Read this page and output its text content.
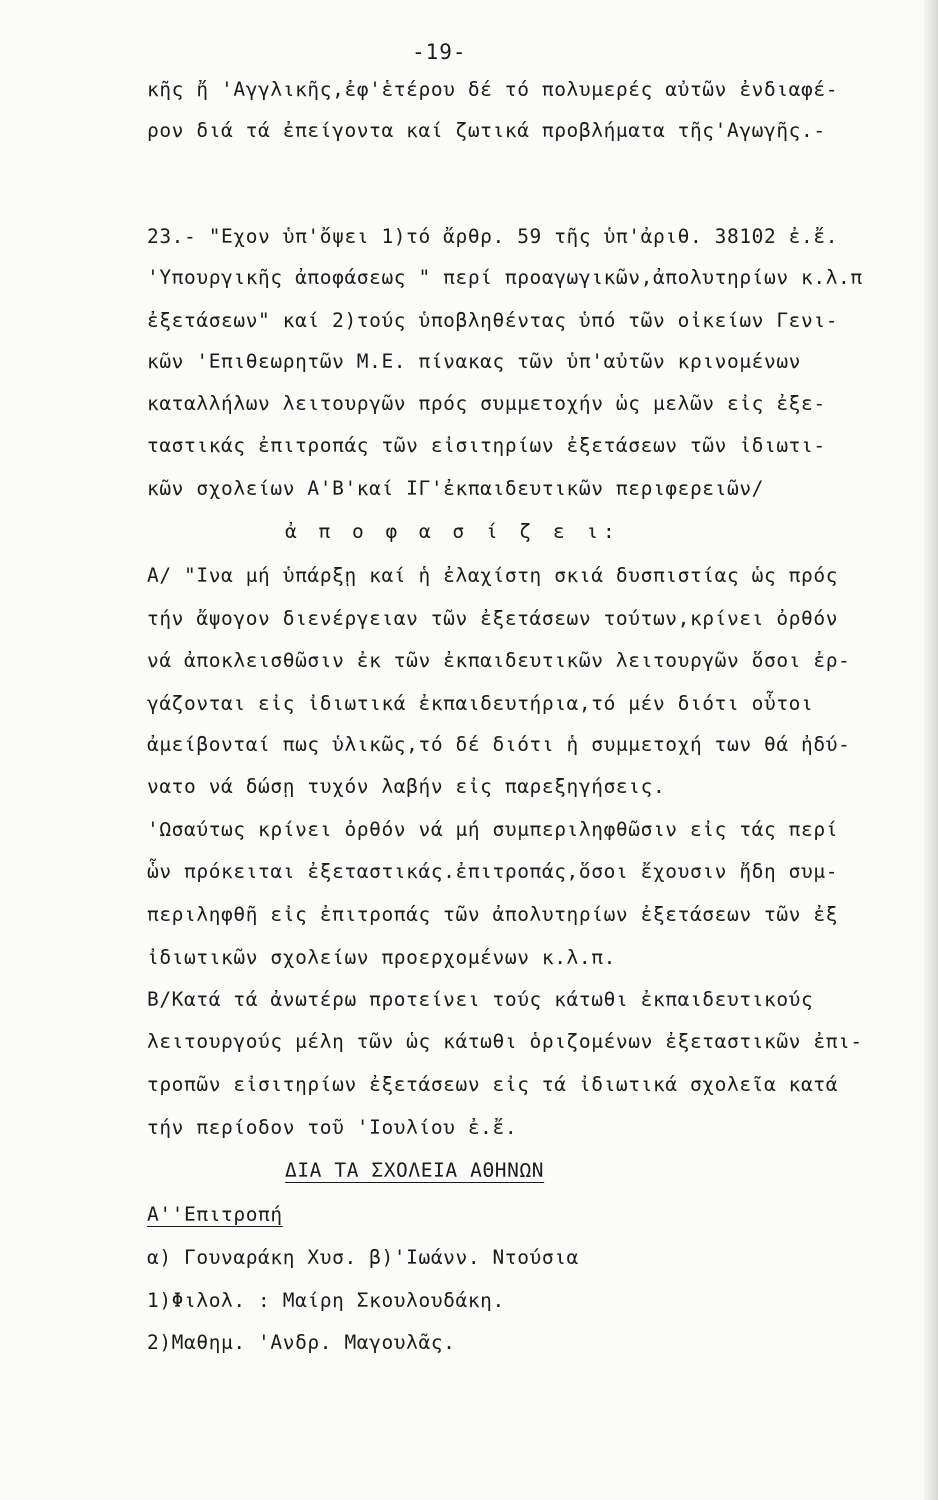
-19-
κῆς ἤ 'Αγγλικῆς,ἐφ'ἑτέρου δέ τό πολυμερές αὐτῶν ἐνδιαφέ-
ρον διά τά ἐπείγοντα καί ζωτικά προβλήματα τῆς'Αγωγῆς.-
23.- "Εχον ὑπ'ὄψει 1)τό ἄρθρ. 59 τῆς ὑπ'ἀριθ. 38102 ἐ.ἔ.
'Υπουργικῆς ἀποφάσεως " περί προαγωγικῶν,ἀπολυτηρίων κ.λ.π
ἐξετάσεων" καί 2)τούς ὑποβληθέντας ὑπό τῶν οἰκείων Γενι-
κῶν 'Επιθεωρητῶν Μ.Ε. πίνακας τῶν ὑπ'αὐτῶν κρινομένων
καταλλήλων λειτουργῶν πρός συμμετοχήν ὡς μελῶν εἰς ἐξε-
ταστικάς ἐπιτροπάς τῶν εἰσιτηρίων ἐξετάσεων τῶν ἰδιωτι-
κῶν σχολείων Α'Β'καί ΙΓ'ἐκπαιδευτικῶν περιφερειῶν/
ἀ π ο φ α σ ί ζ ε ι:
Α/ "Ινα μή ὑπάρξῃ καί ἡ ἐλαχίστη σκιά δυσπιστίας ὡς πρός
τήν ἄψογον διενέργειαν τῶν ἐξετάσεων τούτων,κρίνει ὀρθόν
νά ἀποκλεισθῶσιν ἐκ τῶν ἐκπαιδευτικῶν λειτουργῶν ὅσοι ἐρ-
γάζονται εἰς ἰδιωτικά ἐκπαιδευτήρια,τό μέν διότι οὗτοι
ἀμείβονταί πως ὑλικῶς,τό δέ διότι ἡ συμμετοχή των θά ἠδύ-
νατο νά δώσῃ τυχόν λαβήν εἰς παρεξηγήσεις.
'Ωσαύτως κρίνει ὀρθόν νά μή συμπεριληφθῶσιν εἰς τάς περί
ὧν πρόκειται ἐξεταστικάς.ἐπιτροπάς,ὅσοι ἔχουσιν ἤδη συμ-
περιληφθῆ εἰς ἐπιτροπάς τῶν ἀπολυτηρίων ἐξετάσεων τῶν ἐξ
ἰδιωτικῶν σχολείων προερχομένων κ.λ.π.
Β/Κατά τά ἀνωτέρω προτείνει τούς κάτωθι ἐκπαιδευτικούς
λειτουργούς μέλη τῶν ὡς κάτωθι ὁριζομένων ἐξεταστικῶν ἐπι-
τροπῶν εἰσιτηρίων ἐξετάσεων εἰς τά ἰδιωτικά σχολεῖα κατά
τήν περίοδον τοῦ 'Ιουλίου ἐ.ἔ.
ΔΙΑ ΤΑ ΣΧΟΛΕΙΑ ΑΘΗΝΩΝ
Α''Επιτροπή
α) Γουναράκη Χυσ. β)'Ιωάνν. Ντούσια
1)Φιλολ. : Μαίρη Σκουλουδάκη.
2)Μαθημ. 'Ανδρ. Μαγουλᾶς.
